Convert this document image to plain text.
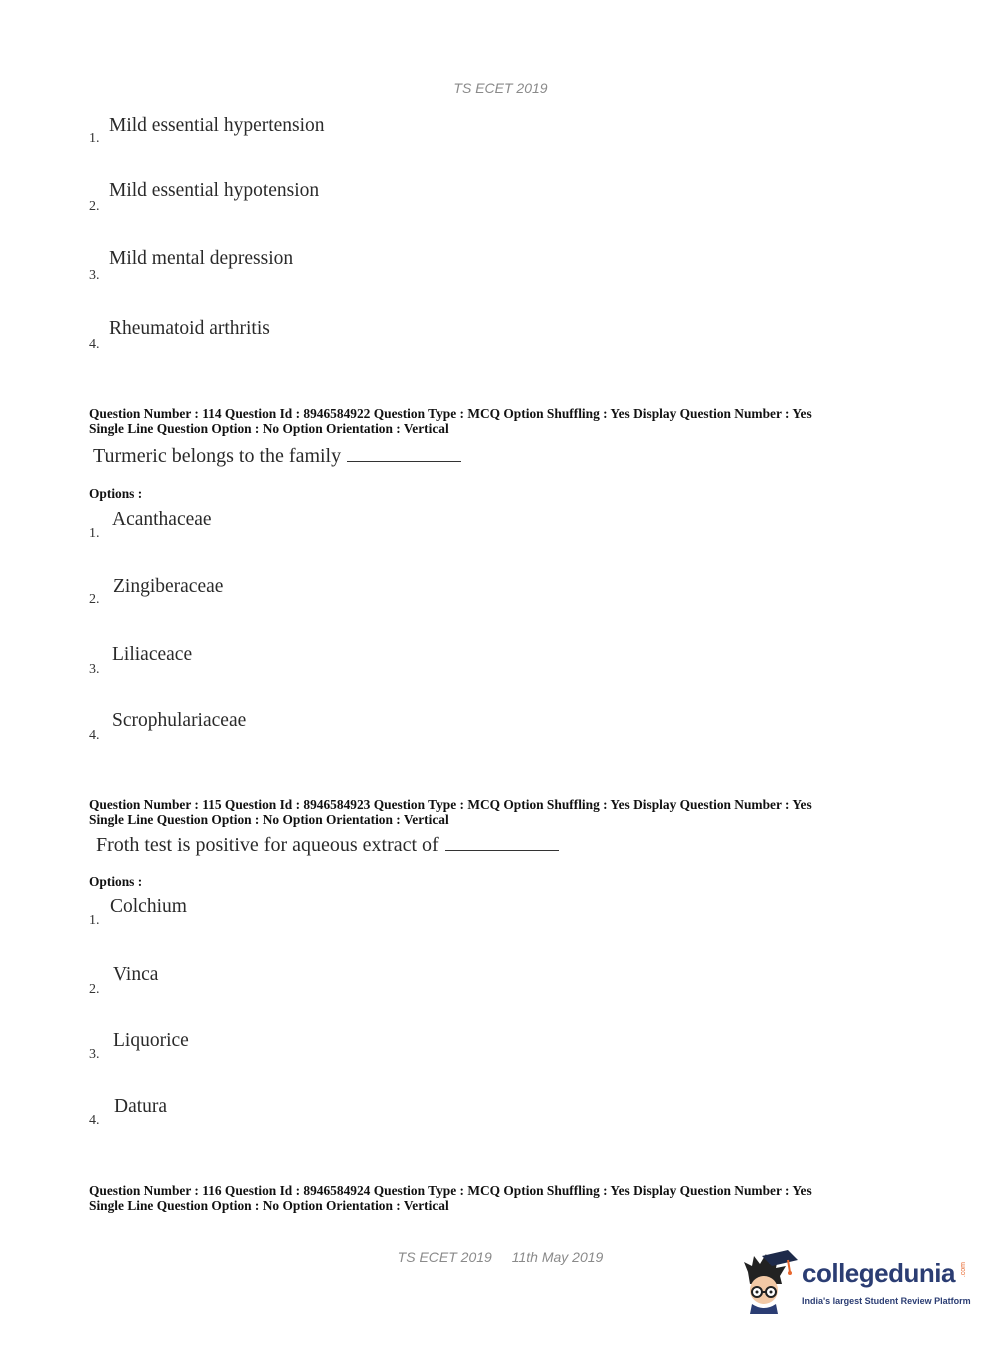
TS ECET 2019
1.
Mild essential hypertension
2.
Mild essential hypotension
3.
Mild mental depression
4.
Rheumatoid arthritis
Question Number : 114 Question Id : 8946584922 Question Type : MCQ Option Shuffling : Yes Display Question Number : Yes
Single Line Question Option : No Option Orientation : Vertical
Turmeric belongs to the family
Options :
1.
Acanthaceae
2.
Zingiberaceae
3.
Liliaceace
4.
Scrophulariaceae
Question Number : 115 Question Id : 8946584923 Question Type : MCQ Option Shuffling : Yes Display Question Number : Yes
Single Line Question Option : No Option Orientation : Vertical
Froth test is positive for aqueous extract of
Options :
1.
Colchium
2.
Vinca
3.
Liquorice
4.
Datura
Question Number : 116 Question Id : 8946584924 Question Type : MCQ Option Shuffling : Yes Display Question Number : Yes
Single Line Question Option : No Option Orientation : Vertical
TS ECET 2019 11th May 2019
collegedunia .com
India's largest Student Review Platform
